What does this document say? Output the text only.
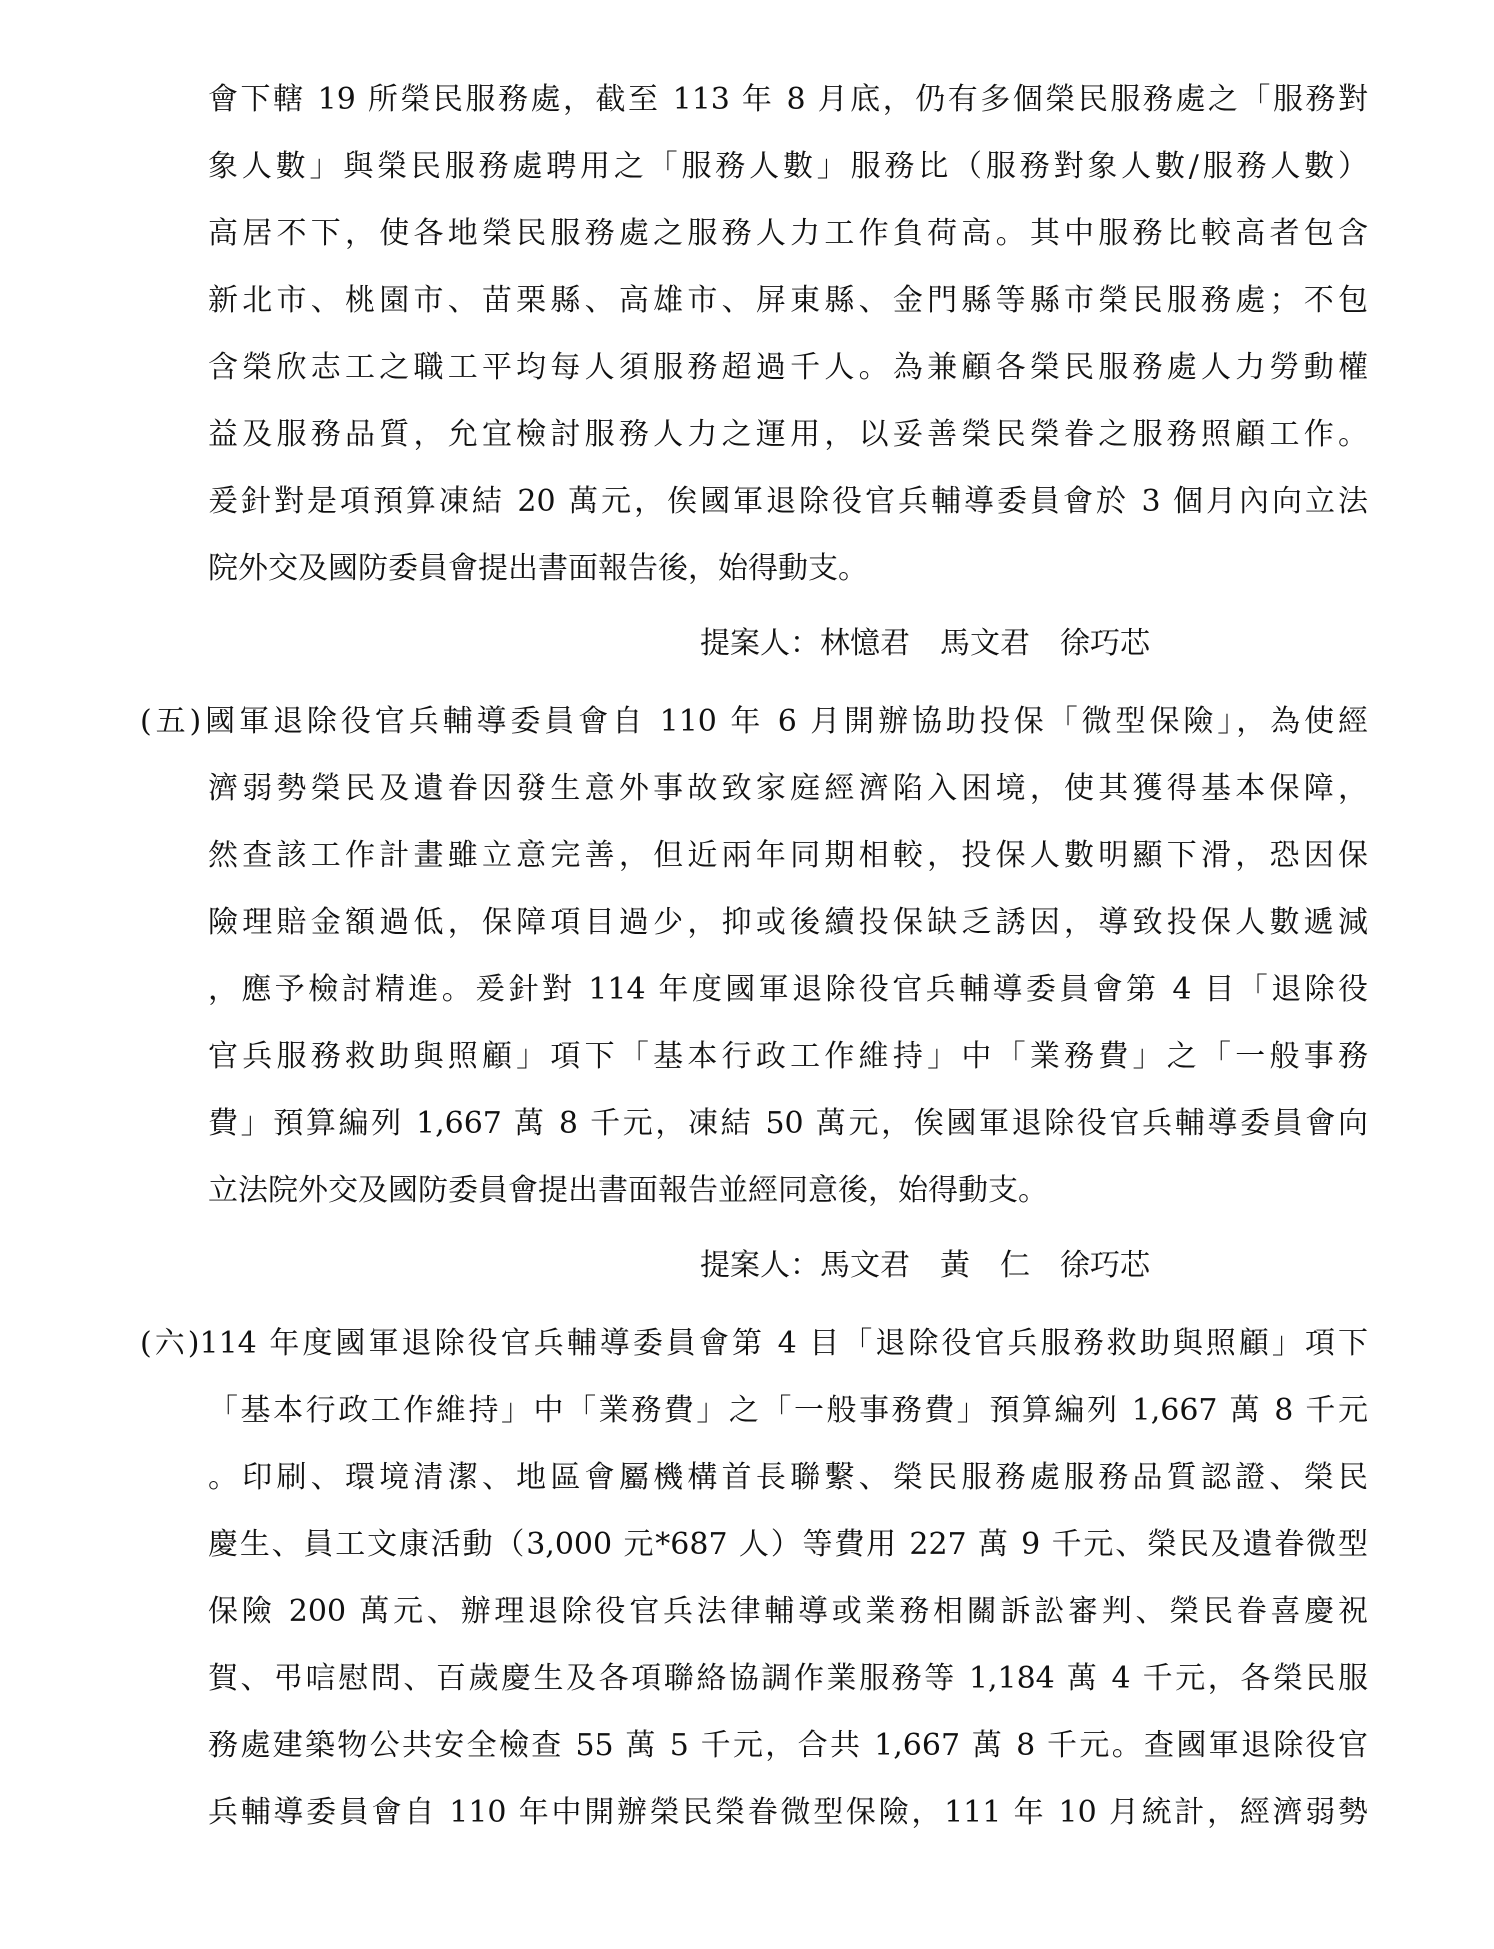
會下轄 19 所榮民服務處，截至 113 年 8 月底，仍有多個榮民服務處之「服務對
象人數」與榮民服務處聘用之「服務人數」服務比（服務對象人數/服務人數）
高居不下，使各地榮民服務處之服務人力工作負荷高。其中服務比較高者包含
新北市、桃園市、苗栗縣、高雄市、屏東縣、金門縣等縣市榮民服務處；不包
含榮欣志工之職工平均每人須服務超過千人。為兼顧各榮民服務處人力勞動權
益及服務品質，允宜檢討服務人力之運用，以妥善榮民榮眷之服務照顧工作。
爰針對是項預算凍結 20 萬元，俟國軍退除役官兵輔導委員會於 3 個月內向立法
院外交及國防委員會提出書面報告後，始得動支。
提案人：林憶君　馬文君　徐巧芯
(五)國軍退除役官兵輔導委員會自 110 年 6 月開辦協助投保「微型保險」，為使經
濟弱勢榮民及遺眷因發生意外事故致家庭經濟陷入困境，使其獲得基本保障，
然查該工作計畫雖立意完善，但近兩年同期相較，投保人數明顯下滑，恐因保
險理賠金額過低，保障項目過少，抑或後續投保缺乏誘因，導致投保人數遞減
，應予檢討精進。爰針對 114 年度國軍退除役官兵輔導委員會第 4 目「退除役
官兵服務救助與照顧」項下「基本行政工作維持」中「業務費」之「一般事務
費」預算編列 1,667 萬 8 千元，凍結 50 萬元，俟國軍退除役官兵輔導委員會向
立法院外交及國防委員會提出書面報告並經同意後，始得動支。
提案人：馬文君　黃　仁　徐巧芯
(六)114 年度國軍退除役官兵輔導委員會第 4 目「退除役官兵服務救助與照顧」項下
「基本行政工作維持」中「業務費」之「一般事務費」預算編列 1,667 萬 8 千元
。印刷、環境清潔、地區會屬機構首長聯繫、榮民服務處服務品質認證、榮民
慶生、員工文康活動（3,000 元*687 人）等費用 227 萬 9 千元、榮民及遺眷微型
保險 200 萬元、辦理退除役官兵法律輔導或業務相關訴訟審判、榮民眷喜慶祝
賀、弔唁慰問、百歲慶生及各項聯絡協調作業服務等 1,184 萬 4 千元，各榮民服
務處建築物公共安全檢查 55 萬 5 千元，合共 1,667 萬 8 千元。查國軍退除役官
兵輔導委員會自 110 年中開辦榮民榮眷微型保險，111 年 10 月統計，經濟弱勢
